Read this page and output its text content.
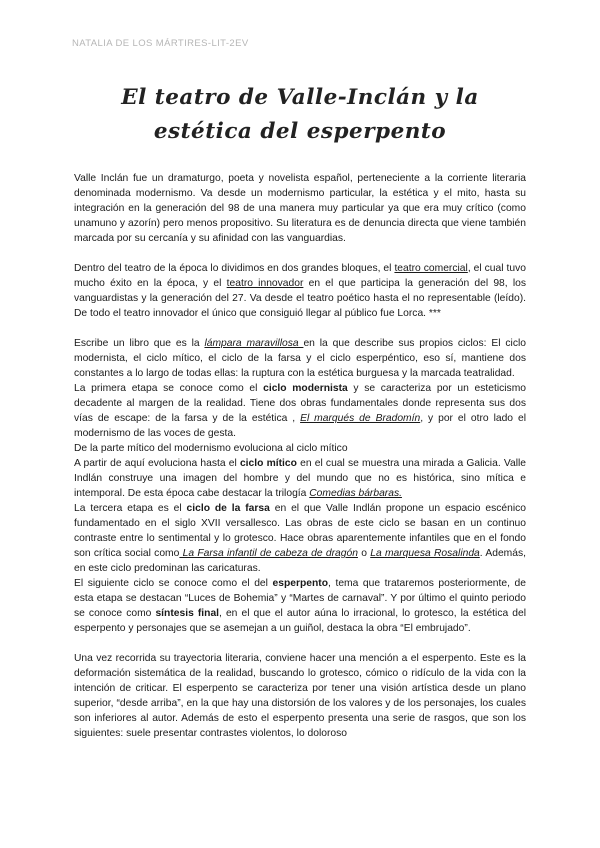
NATALIA DE LOS MÁRTIRES-LIT-2EV
El teatro de Valle-Inclán y la
estética del esperpento

Valle Inclán fue un dramaturgo, poeta y novelista español, perteneciente a la corriente literaria denominada modernismo. Va desde un modernismo particular, la estética y el mito, hasta su integración en la generación del 98 de una manera muy particular ya que era muy crítico (como unamuno y azorín) pero menos propositivo. Su literatura es de denuncia directa que viene también marcada por su cercanía y su afinidad con las vanguardias.

Dentro del teatro de la época lo dividimos en dos grandes bloques, el teatro comercial, el cual tuvo mucho éxito en la época, y el teatro innovador en el que participa la generación del 98, los vanguardistas y la generación del 27. Va desde el teatro poético hasta el no representable (leído). De todo el teatro innovador el único que consiguió llegar al público fue Lorca. ***

Escribe un libro que es la lámpara maravillosa en la que describe sus propios ciclos: El ciclo modernista, el ciclo mítico, el ciclo de la farsa y el ciclo esperpéntico, eso sí, mantiene dos constantes a lo largo de todas ellas: la ruptura con la estética burguesa y la marcada teatralidad.

La primera etapa se conoce como el ciclo modernista y se caracteriza por un esteticismo decadente al margen de la realidad. Tiene dos obras fundamentales donde representa sus dos vías de escape: de la farsa y de la estética , El marqués de Bradomín, y por el otro lado el modernismo de las voces de gesta.

De la parte mítico del modernismo evoluciona al ciclo mítico

A partir de aquí evoluciona hasta el ciclo mítico en el cual se muestra una mirada a Galicia. Valle Indlán construye una imagen del hombre y del mundo que no es histórica, sino mítica e intemporal. De esta época cabe destacar la trilogía Comedias bárbaras.

La tercera etapa es el ciclo de la farsa en el que Valle Indlán propone un espacio escénico fundamentado en el siglo XVII versallesco. Las obras de este ciclo se basan en un continuo contraste entre lo sentimental y lo grotesco. Hace obras aparentemente infantiles que en el fondo son crítica social como La Farsa infantil de cabeza de dragón o La marquesa Rosalinda. Además, en este ciclo predominan las caricaturas.

El siguiente ciclo se conoce como el del esperpento, tema que trataremos posteriormente, de esta etapa se destacan “Luces de Bohemia” y “Martes de carnaval”. Y por último el quinto periodo se conoce como síntesis final, en el que el autor aúna lo irracional, lo grotesco, la estética del esperpento y personajes que se asemejan a un guiñol, destaca la obra “El embrujado”.

Una vez recorrida su trayectoria literaria, conviene hacer una mención a el esperpento. Este es la deformación sistemática de la realidad, buscando lo grotesco, cómico o ridículo de la vida con la intención de criticar. El esperpento se caracteriza por tener una visión artística desde un plano superior, “desde arriba”, en la que hay una distorsión de los valores y de los personajes, los cuales son inferiores al autor. Además de esto el esperpento presenta una serie de rasgos, que son los siguientes: suele presentar contrastes violentos, lo doloroso
